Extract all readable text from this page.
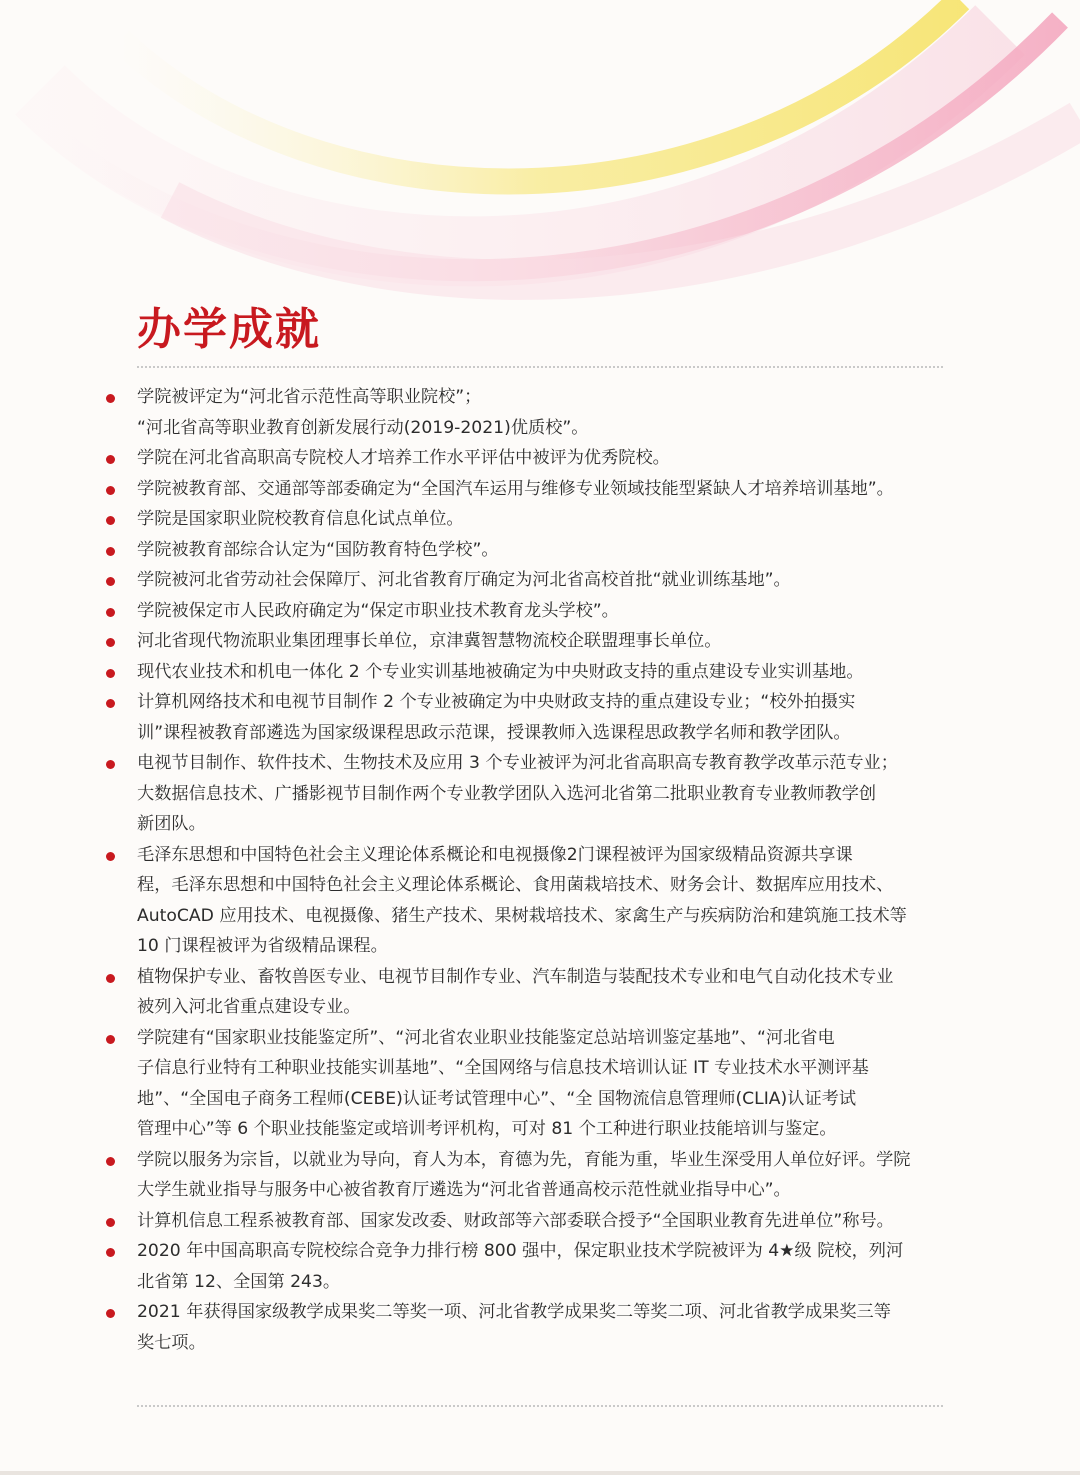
办学成就
学院被评定为“河北省示范性高等职业院校”；
“河北省高等职业教育创新发展行动(2019-2021)优质校”。
学院在河北省高职高专院校人才培养工作水平评估中被评为优秀院校。
学院被教育部、交通部等部委确定为“全国汽车运用与维修专业领域技能型紧缺人才培养培训基地”。
学院是国家职业院校教育信息化试点单位。
学院被教育部综合认定为“国防教育特色学校”。
学院被河北省劳动社会保障厅、河北省教育厅确定为河北省高校首批“就业训练基地”。
学院被保定市人民政府确定为“保定市职业技术教育龙头学校”。
河北省现代物流职业集团理事长单位，京津冀智慧物流校企联盟理事长单位。
现代农业技术和机电一体化 2 个专业实训基地被确定为中央财政支持的重点建设专业实训基地。
计算机网络技术和电视节目制作 2 个专业被确定为中央财政支持的重点建设专业；“校外拍摄实
训”课程被教育部遴选为国家级课程思政示范课，授课教师入选课程思政教学名师和教学团队。
电视节目制作、软件技术、生物技术及应用 3 个专业被评为河北省高职高专教育教学改革示范专业；
大数据信息技术、广播影视节目制作两个专业教学团队入选河北省第二批职业教育专业教师教学创
新团队。
毛泽东思想和中国特色社会主义理论体系概论和电视摄像2门课程被评为国家级精品资源共享课
程，毛泽东思想和中国特色社会主义理论体系概论、食用菌栽培技术、财务会计、数据库应用技术、
AutoCAD 应用技术、电视摄像、猪生产技术、果树栽培技术、家禽生产与疾病防治和建筑施工技术等
10 门课程被评为省级精品课程。
植物保护专业、畜牧兽医专业、电视节目制作专业、汽车制造与装配技术专业和电气自动化技术专业
被列入河北省重点建设专业。
学院建有“国家职业技能鉴定所”、“河北省农业职业技能鉴定总站培训鉴定基地”、“河北省电
子信息行业特有工种职业技能实训基地”、“全国网络与信息技术培训认证 IT 专业技术水平测评基
地”、“全国电子商务工程师(CEBE)认证考试管理中心”、“全 国物流信息管理师(CLIA)认证考试
管理中心”等 6 个职业技能鉴定或培训考评机构，可对 81 个工种进行职业技能培训与鉴定。
学院以服务为宗旨，以就业为导向，育人为本，育德为先，育能为重，毕业生深受用人单位好评。学院
大学生就业指导与服务中心被省教育厅遴选为“河北省普通高校示范性就业指导中心”。
计算机信息工程系被教育部、国家发改委、财政部等六部委联合授予“全国职业教育先进单位”称号。
2020 年中国高职高专院校综合竞争力排行榜 800 强中，保定职业技术学院被评为 4★级 院校，列河
北省第 12、全国第 243。
2021 年获得国家级教学成果奖二等奖一项、河北省教学成果奖二等奖二项、河北省教学成果奖三等
奖七项。
